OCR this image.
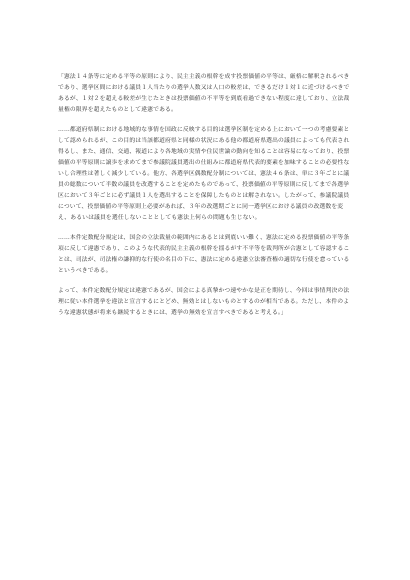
「憲法１４条等に定める平等の原則により、民主主義の根幹を成す投票価値の平等は、厳格に解釈されるべきであり、選挙区間における議員１人当たりの選挙人数又は人口の較差は、できるだけ１対１に近づけるべきであるが、１対２を超える較差が生じたときは投票価値の不平等を到底看過できない程度に達しており、立法裁量権の限界を超えたものとして違憲である。

……都道府県制における地域的な事情を国政に反映する目的は選挙区制を定める上において一つの考慮要素として認められるが、この目的は当該都道府県と同様の状況にある他の都道府県選出の議員によっても代表され得るし、また、通信、交通、報道により各地域の実情や住民世論の動向を知ることは容易になっており、投票価値の平等原則に譲歩を求めてまで参議院議員選出の仕組みに都道府県代表的要素を加味することの必要性ないし合理性は著しく減少している。他方、各選挙区偶数配分制については、憲法４６条は、単に３年ごとに議員の総数について半数の議員を改選することを定めたものであって、投票価値の平等原則に反してまで各選挙区において３年ごとに必ず議員１人を選出することを保障したものとは解されない。したがって、参議院議員について、投票価値の平等原則上必要があれば、３年の改選期ごとに同一選挙区における議員の改選数を変え、あるいは議員を選任しないこととしても憲法上何らの問題も生じない。

……本件定数配分規定は、国会の立法裁量の範囲内にあるとは到底いい難く、憲法に定める投票価値の平等条項に反して違憲であり、このような代表的民主主義の根幹を揺るがす不平等を裁判所が合憲として容認することは、司法が、司法権の謙抑的な行使の名目の下に、憲法に定める違憲立法審査権の適切な行使を怠っているというべきである。

よって、本件定数配分規定は違憲であるが、国会による真摯かつ速やかな是正を期待し、今回は事情判決の法理に従い本件選挙を違法と宣言するにとどめ、無効とはしないものとするのが相当である。ただし、本件のような違憲状態が将来も継続するときには、選挙の無効を宣言すべきであると考える。」
